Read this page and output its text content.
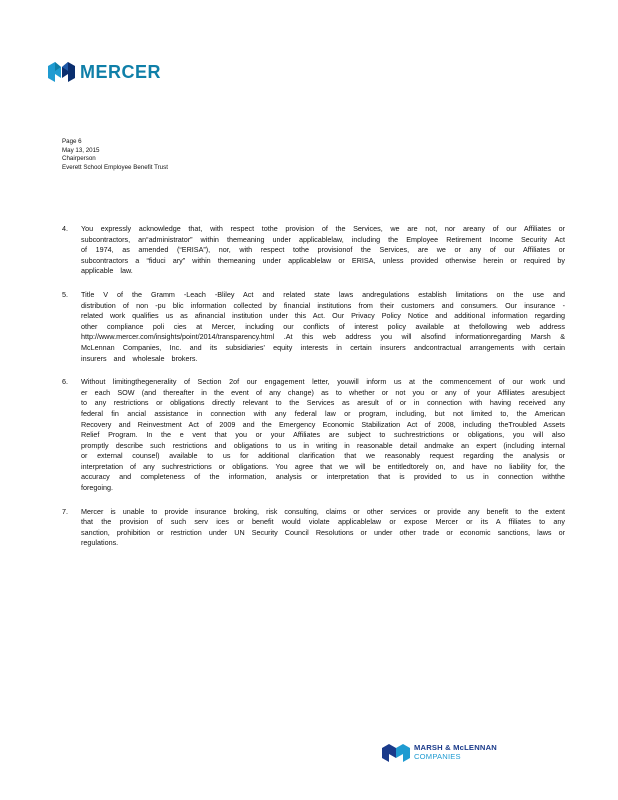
MERCER
Page 6
May 13, 2015
Chairperson
Everett School Employee Benefit Trust
4.	You expressly acknowledge that, with respect tothe provision of the Services, we are not, nor areany of our Affiliates or subcontractors, an“administrator” within themeaning under applicablelaw, including the Employee Retirement Income Security Act of 1974, as amended (“ERISA”), nor, with respect tothe provisionof the Services, are we or any of our Affiliates or subcontractors a “fiduci ary” within themeaning under applicablelaw or ERISA, unless provided otherwise herein or required by applicable law.
5.	Title V of the Gramm -Leach -Bliley Act and related state laws andregulations establish limitations on the use and distribution of non -pu blic information collected by financial institutions from their customers and consumers. Our insurance -related work qualifies us as afinancial institution under this Act. Our Privacy Policy Notice and additional information regarding other compliance poli cies at Mercer, including our conflicts of interest policy available at thefollowing web address http://www.mercer.com/insights/point/2014/transparency.html .At this web address you will alsofind informationregarding Marsh & McLennan Companies, Inc. and its subsidiaries' equity interests in certain insurers andcontractual arrangements with certain insurers and wholesale brokers.
6.	Without limitingthegenerality of Section 2of our engagement letter, youwill inform us at the commencement of our work und er each SOW (and thereafter in the event of any change) as to whether or not you or any of your Affiliates aresubject to any restrictions or obligations directly relevant to the Services as aresult of or in connection with having received any federal fin ancial assistance in connection with any federal law or program, including, but not limited to, the American Recovery and Reinvestment Act of 2009 and the Emergency Economic Stabilization Act of 2008, including theTroubled Assets Relief Program. In the e vent that you or your Affiliates are subject to suchrestrictions or obligations, you will also promptly describe such restrictions and obligations to us in writing in reasonable detail andmake an expert (including internal or external counsel) available to us for additional clarification that we reasonably request regarding the analysis or interpretation of any suchrestrictions or obligations. You agree that we will be entitledtorely on, and have no liability for, the accuracy and completeness of the information, analysis or interpretation that is provided to us in connection withthe foregoing.
7.	Mercer is unable to provide insurance broking, risk consulting, claims or other services or provide any benefit to the extent that the provision of such serv ices or benefit would violate applicablelaw or expose Mercer or its A ffiliates to any sanction, prohibition or restriction under UN Security Council Resolutions or under other trade or economic sanctions, laws or regulations.
MARSH & McLENNAN
COMPANIES
